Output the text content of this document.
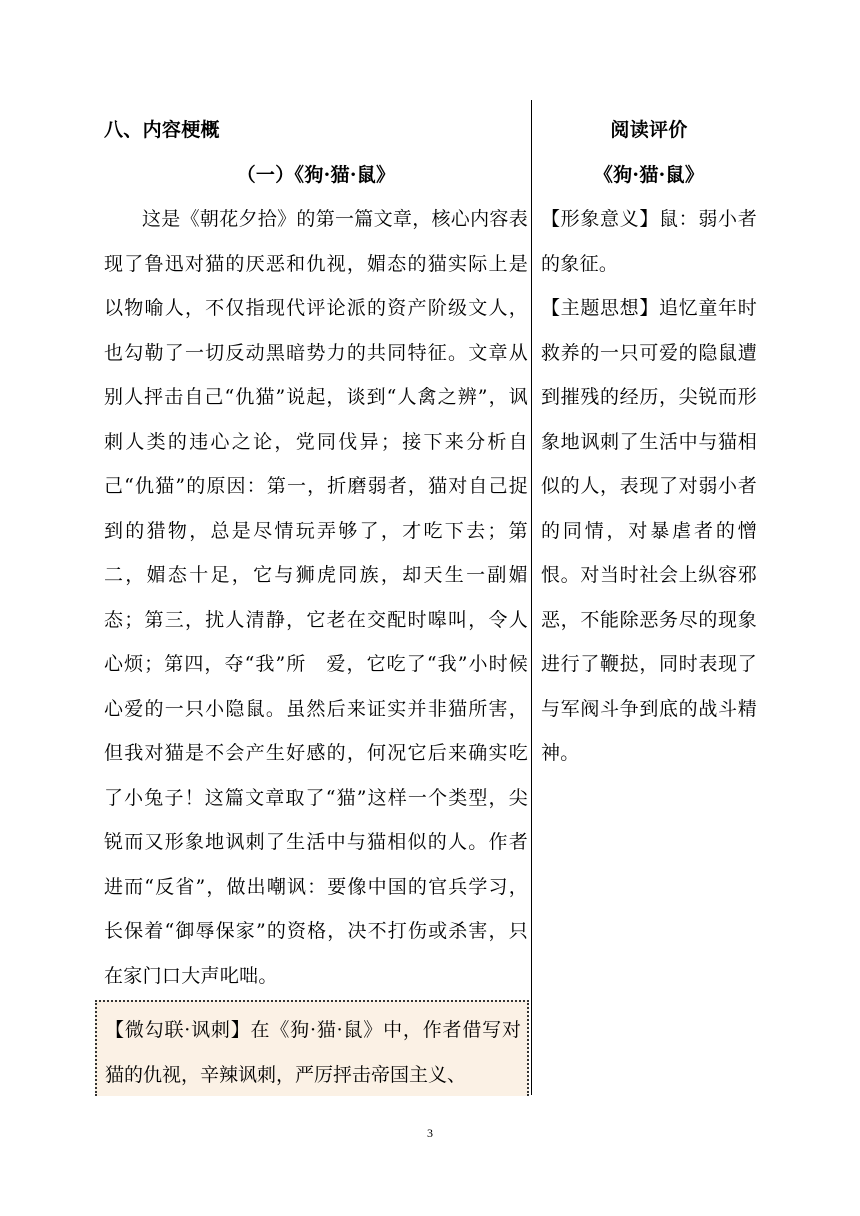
八、内容梗概

（一）《狗·猫·鼠》

这是《朝花夕拾》的第一篇文章，核心内容表现了鲁迅对猫的厌恶和仇视，媚态的猫实际上是以物喻人，不仅指现代评论派的资产阶级文人，也勾勒了一切反动黑暗势力的共同特征。文章从别人抨击自己“仇猫”说起，谈到“人禽之辨”，讽刺人类的违心之论，党同伐异；接下来分析自己“仇猫”的原因：第一，折磨弱者，猫对自己捉到的猎物，总是尽情玩弄够了，才吃下去；第二，媚态十足，它与狮虎同族，却天生一副媚态；第三，扰人清静，它老在交配时嗥叫，令人心烦；第四，夺“我”所　爱，它吃了“我”小时候心爱的一只小隐鼠。虽然后来证实并非猫所害，但我对猫是不会产生好感的，何况它后来确实吃了小兔子！这篇文章取了“猫”这样一个类型，尖锐而又形象地讽刺了生活中与猫相似的人。作者进而“反省”，做出嘲讽：要像中国的官兵学习，长保着“御辱保家”的资格，决不打伤或杀害，只在家门口大声叱咄。

【微勾联·讽刺】在《狗·猫·鼠》中，作者借写对猫的仇视，辛辣讽刺，严厉抨击帝国主义、

阅读评价

《狗·猫·鼠》

【形象意义】鼠：弱小者的象征。

【主题思想】追忆童年时救养的一只可爱的隐鼠遭到摧残的经历，尖锐而形象地讽刺了生活中与猫相似的人，表现了对弱小者的同情，对暴虐者的憎恨。对当时社会上纵容邪恶，不能除恶务尽的现象进行了鞭挞，同时表现了与军阀斗争到底的战斗精神。

3
